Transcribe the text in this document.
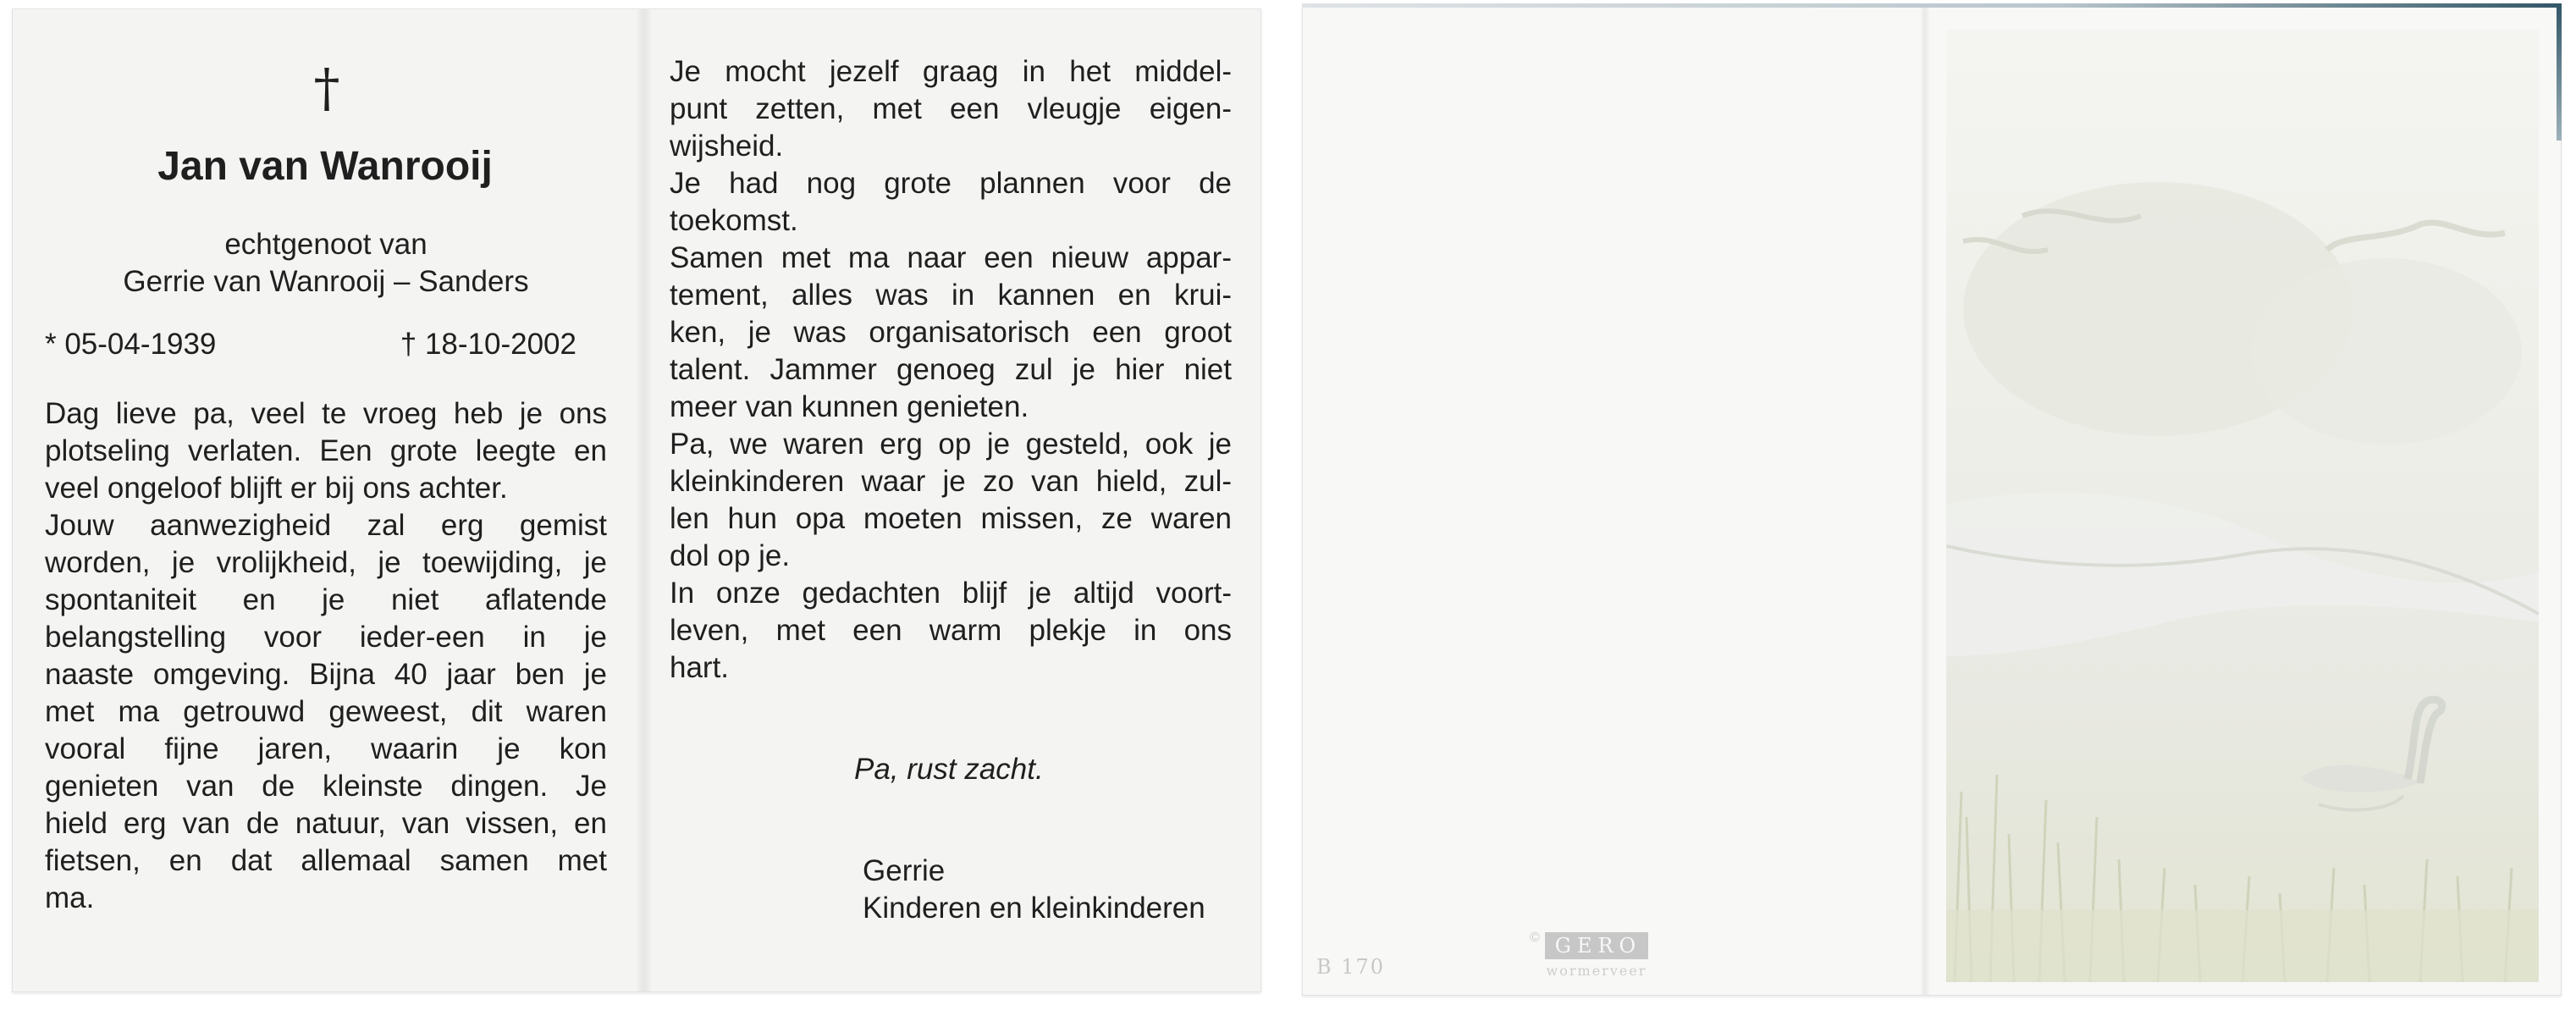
†
Jan van Wanrooij
echtgenoot van
Gerrie van Wanrooij – Sanders
* 05-04-1939	† 18-10-2002
Dag lieve pa, veel te vroeg heb je ons
plotseling verlaten. Een grote leegte en
veel ongeloof blijft er bij ons achter.
Jouw aanwezigheid zal erg gemist
worden, je vrolijkheid, je toewijding, je
spontaniteit en je niet aflatende
belangstelling voor ieder-een in je
naaste omgeving. Bijna 40 jaar ben je
met ma getrouwd geweest, dit waren
vooral fijne jaren, waarin je kon
genieten van de kleinste dingen. Je
hield erg van de natuur, van vissen, en
fietsen, en dat allemaal samen met
ma.
Je mocht jezelf graag in het middel-
punt zetten, met een vleugje eigen-
wijsheid.
Je had nog grote plannen voor de
toekomst.
Samen met ma naar een nieuw appar-
tement, alles was in kannen en krui-
ken, je was organisatorisch een groot
talent. Jammer genoeg zul je hier niet
meer van kunnen genieten.
Pa, we waren erg op je gesteld, ook je
kleinkinderen waar je zo van hield, zul-
len hun opa moeten missen, ze waren
dol op je.
In onze gedachten blijf je altijd voort-
leven, met een warm plekje in ons
hart.
Pa, rust zacht.
Gerrie
Kinderen en kleinkinderen
B 170
© GERO
wormerveer
